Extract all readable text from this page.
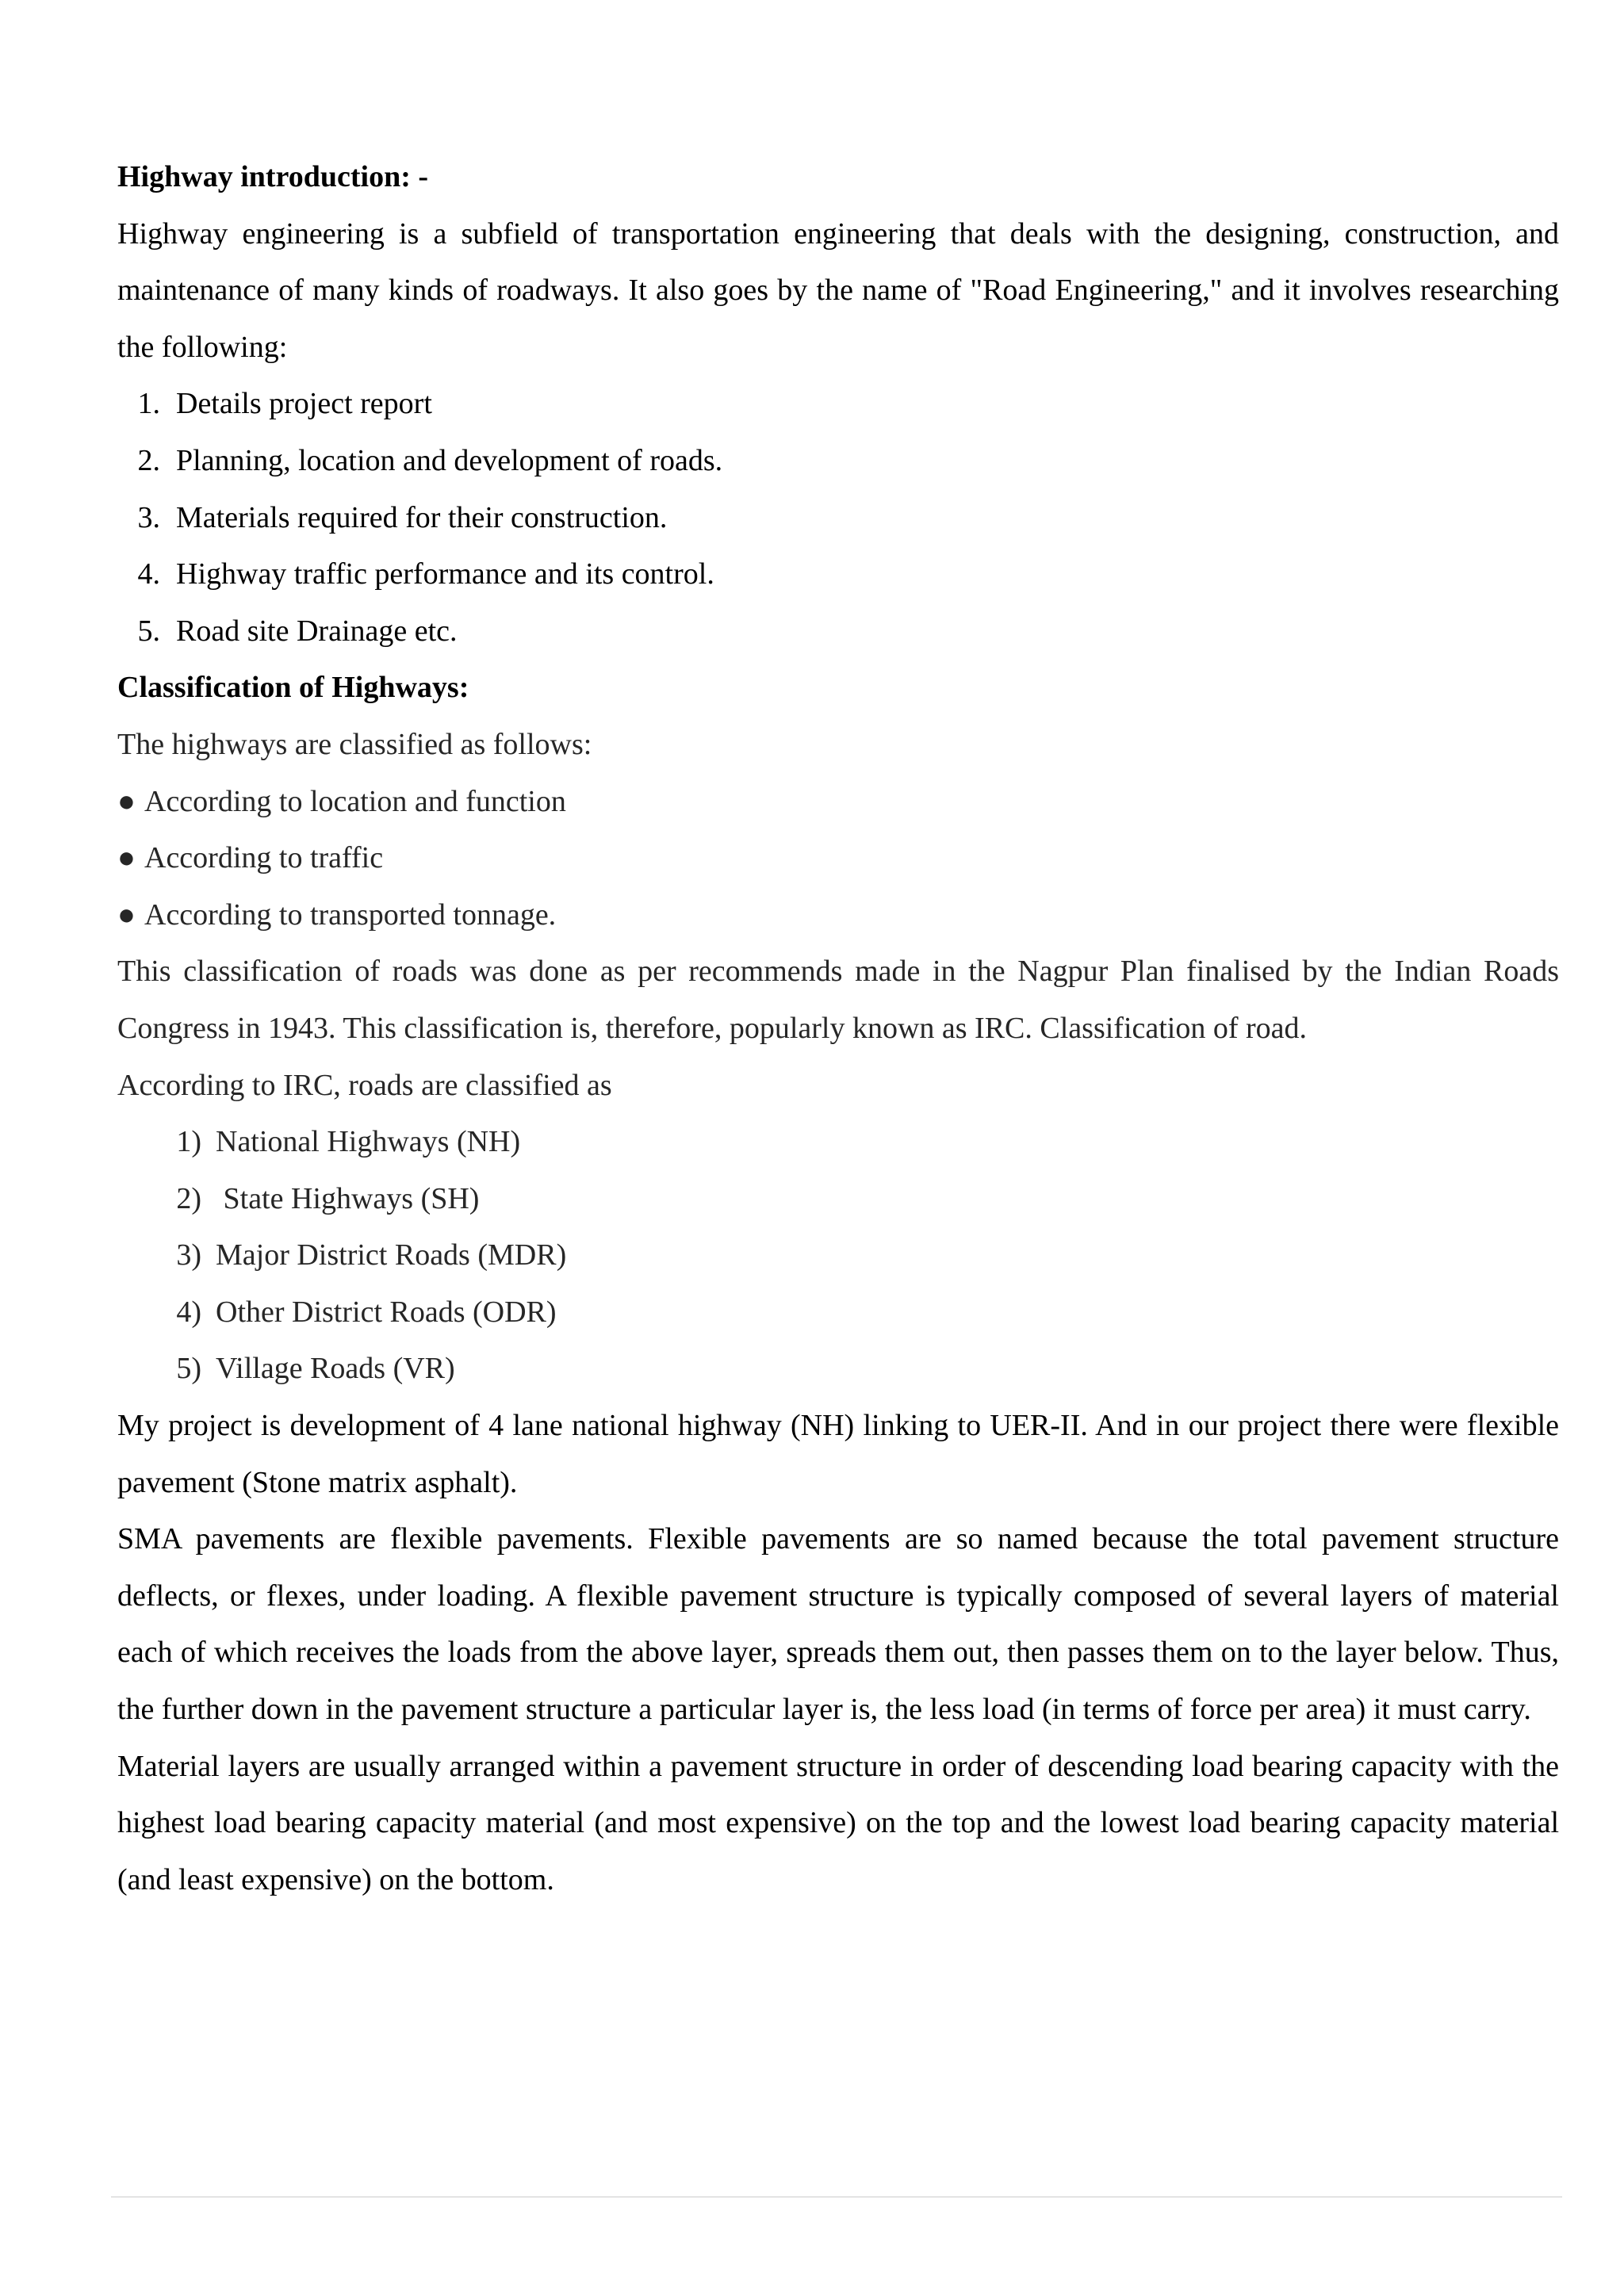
Highway introduction: -

Highway engineering is a subfield of transportation engineering that deals with the designing, construction, and maintenance of many kinds of roadways. It also goes by the name of "Road Engineering," and it involves researching the following:

1. Details project report
2. Planning, location and development of roads.
3. Materials required for their construction.
4. Highway traffic performance and its control.
5. Road site Drainage etc.

Classification of Highways:

The highways are classified as follows:

● According to location and function
● According to traffic
● According to transported tonnage.

This classification of roads was done as per recommends made in the Nagpur Plan finalised by the Indian Roads Congress in 1943. This classification is, therefore, popularly known as IRC. Classification of road.

According to IRC, roads are classified as

1) National Highways (NH)
2) State Highways (SH)
3) Major District Roads (MDR)
4) Other District Roads (ODR)
5) Village Roads (VR)

My project is development of 4 lane national highway (NH) linking to UER-II. And in our project there were flexible pavement (Stone matrix asphalt).

SMA pavements are flexible pavements. Flexible pavements are so named because the total pavement structure deflects, or flexes, under loading. A flexible pavement structure is typically composed of several layers of material each of which receives the loads from the above layer, spreads them out, then passes them on to the layer below. Thus, the further down in the pavement structure a particular layer is, the less load (in terms of force per area) it must carry.

Material layers are usually arranged within a pavement structure in order of descending load bearing capacity with the highest load bearing capacity material (and most expensive) on the top and the lowest load bearing capacity material (and least expensive) on the bottom.
